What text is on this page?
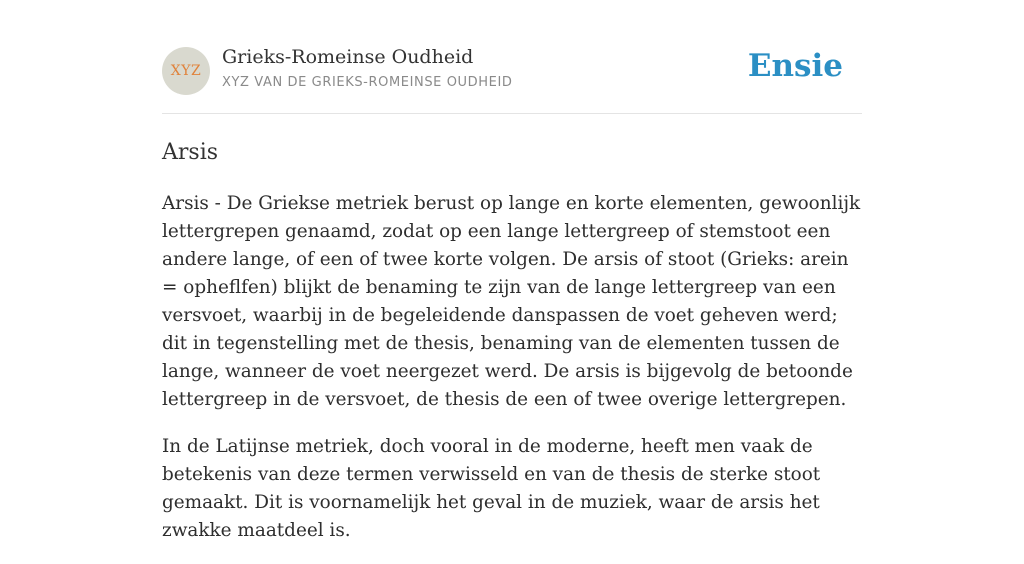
XYZ
Grieks-Romeinse Oudheid
XYZ VAN DE GRIEKS-ROMEINSE OUDHEID	Ensie
Arsis

Arsis - De Griekse metriek berust op lange en korte elementen, gewoonlijk lettergrepen genaamd, zodat op een lange lettergreep of stemstoot een andere lange, of een of twee korte volgen. De arsis of stoot (Grieks: arein = opheflfen) blijkt de benaming te zijn van de lange lettergreep van een versvoet, waarbij in de begeleidende danspassen de voet geheven werd; dit in tegenstelling met de thesis, benaming van de elementen tussen de lange, wanneer de voet neergezet werd. De arsis is bijgevolg de betoonde lettergreep in de versvoet, de thesis de een of twee overige lettergrepen.

In de Latijnse metriek, doch vooral in de moderne, heeft men vaak de betekenis van deze termen verwisseld en van de thesis de sterke stoot gemaakt. Dit is voornamelijk het geval in de muziek, waar de arsis het zwakke maatdeel is.
